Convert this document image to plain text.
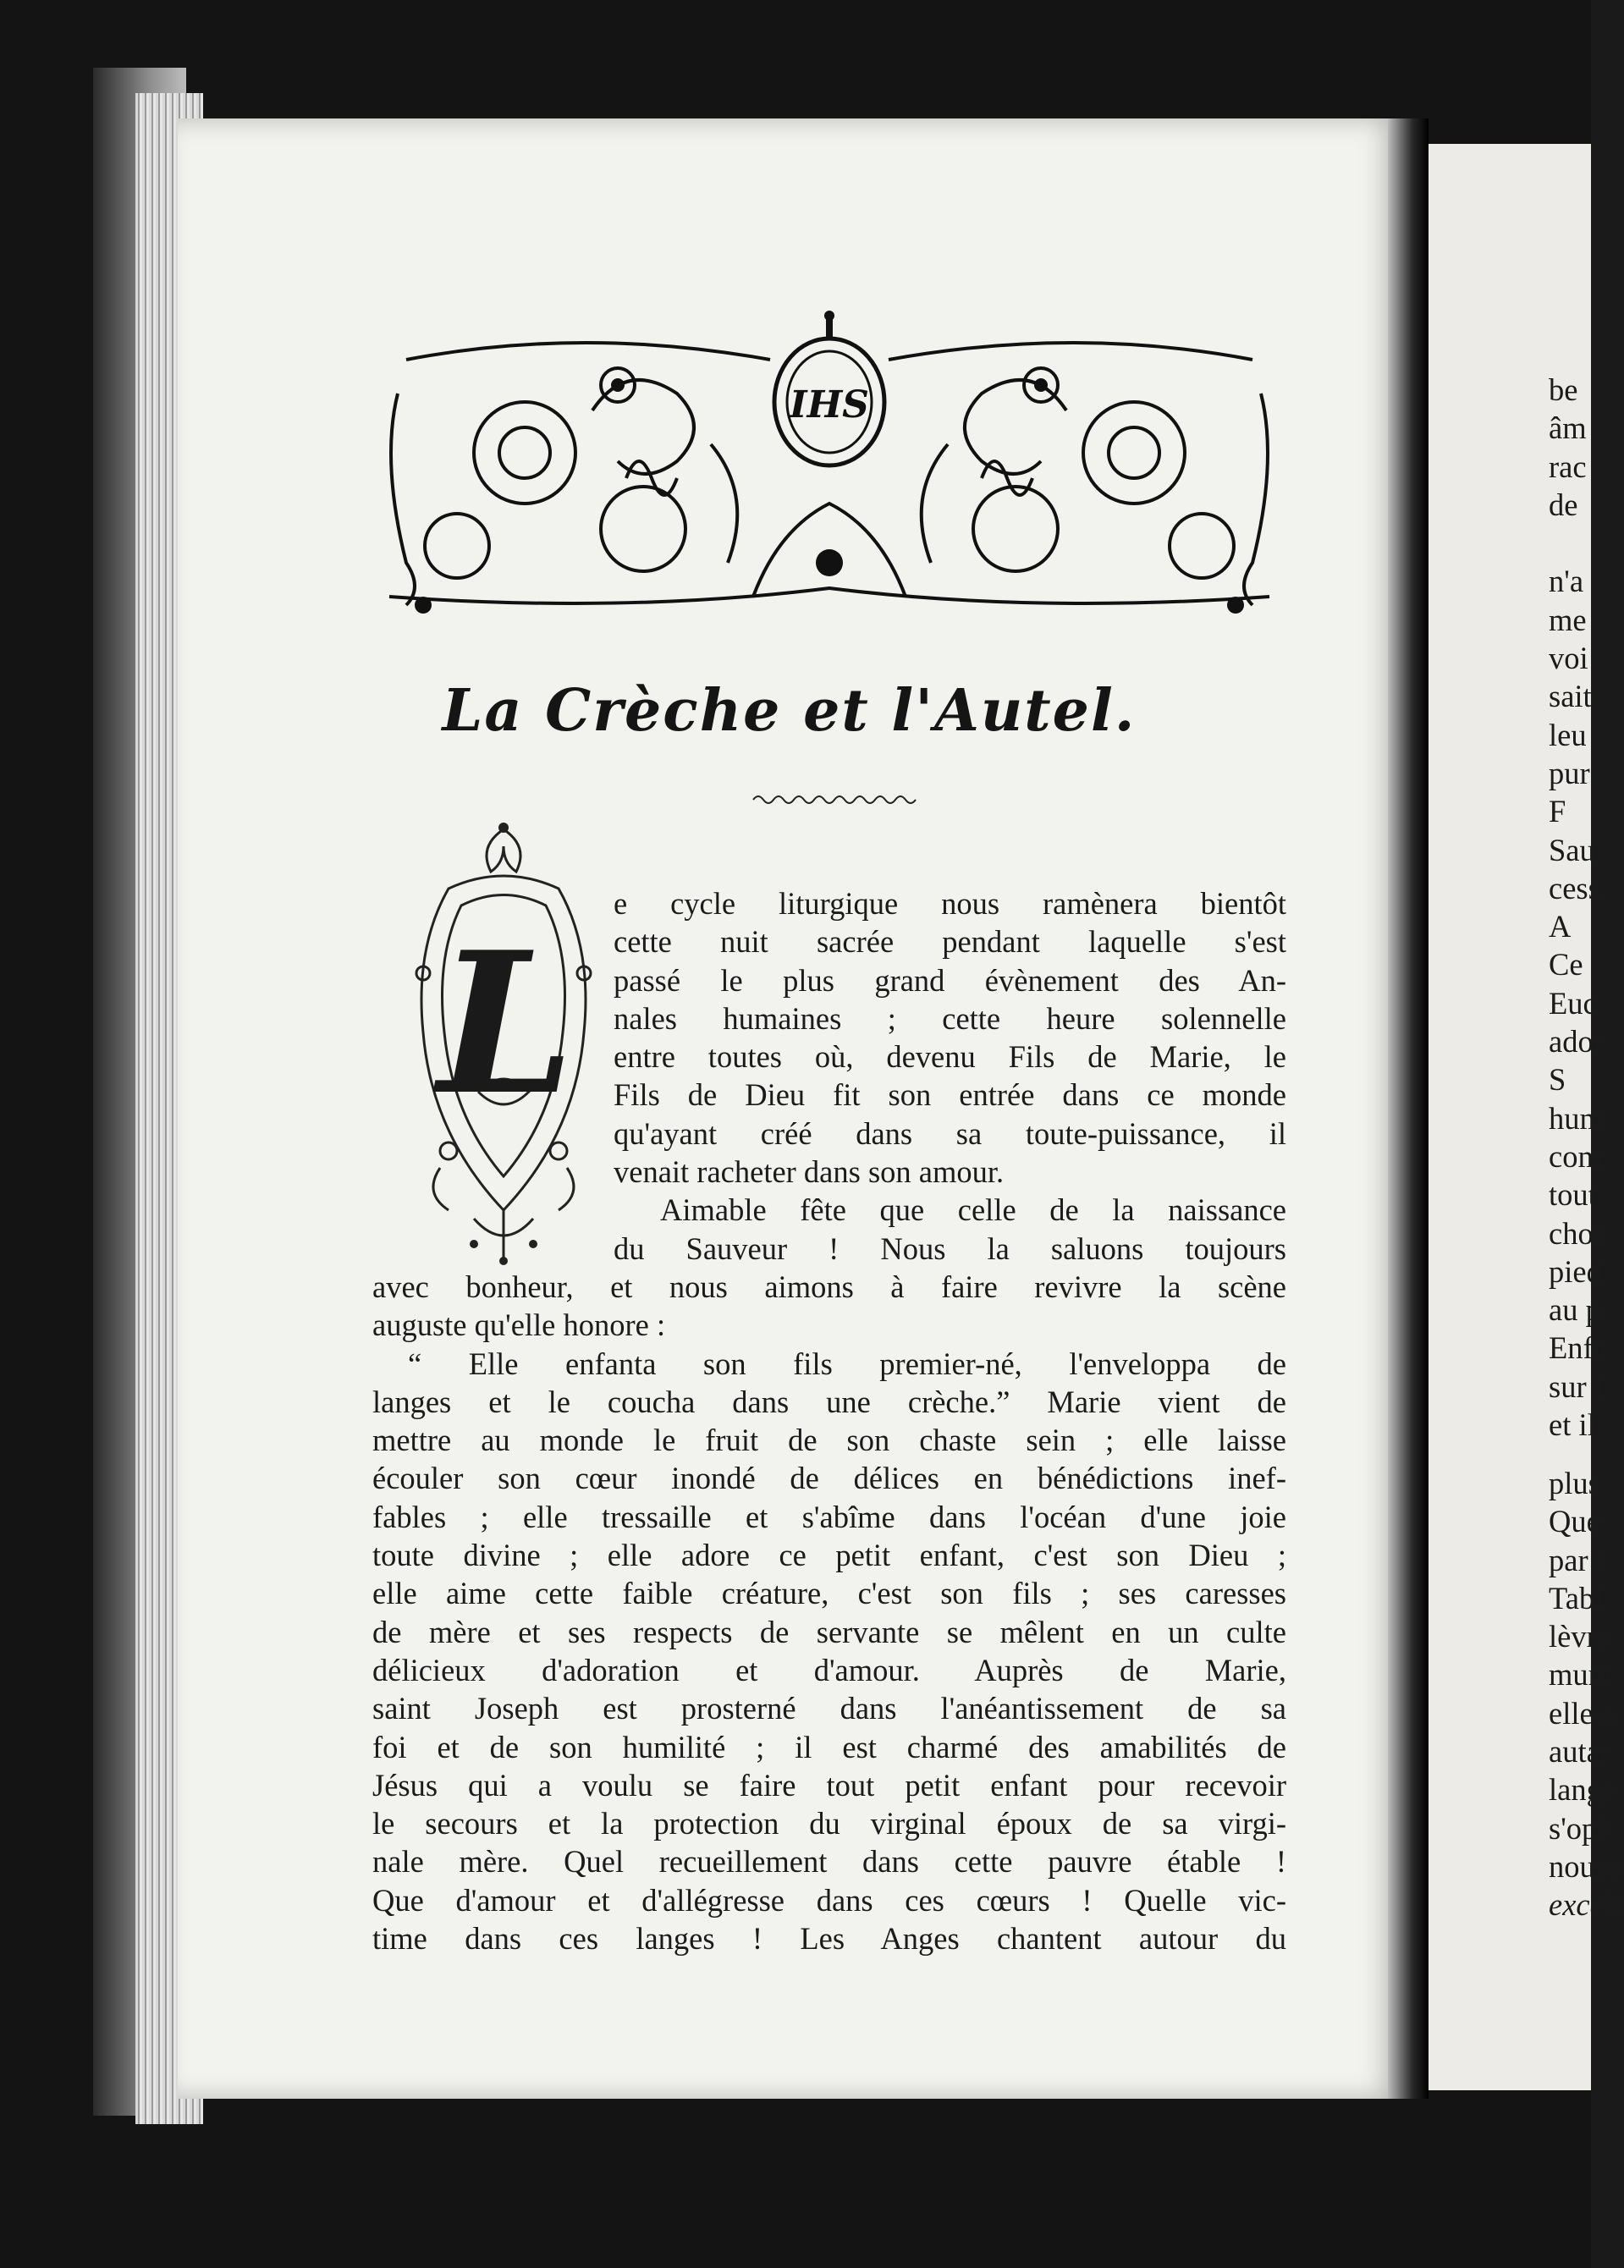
IHS
La Crèche et l'Autel.
L
e cycle liturgique nous ramènera bientôt
cette nuit sacrée pendant laquelle s'est
passé le plus grand évènement des An-
nales humaines ; cette heure solennelle
entre toutes où, devenu Fils de Marie, le
Fils de Dieu fit son entrée dans ce monde
qu'ayant créé dans sa toute-puissance, il
venait racheter dans son amour.
Aimable fête que celle de la naissance
du Sauveur ! Nous la saluons toujours
avec bonheur, et nous aimons à faire revivre la scène
auguste qu'elle honore :
“ Elle enfanta son fils premier-né, l'enveloppa de
langes et le coucha dans une crèche.” Marie vient de
mettre au monde le fruit de son chaste sein ; elle laisse
écouler son cœur inondé de délices en bénédictions inef-
fables ; elle tressaille et s'abîme dans l'océan d'une joie
toute divine ; elle adore ce petit enfant, c'est son Dieu ;
elle aime cette faible créature, c'est son fils ; ses caresses
de mère et ses respects de servante se mêlent en un culte
délicieux d'adoration et d'amour. Auprès de Marie,
saint Joseph est prosterné dans l'anéantissement de sa
foi et de son humilité ; il est charmé des amabilités de
Jésus qui a voulu se faire tout petit enfant pour recevoir
le secours et la protection du virginal époux de sa virgi-
nale mère. Quel recueillement dans cette pauvre étable !
Que d'amour et d'allégresse dans ces cœurs ! Quelle vic-
time dans ces langes ! Les Anges chantent autour du
be
âm
rac
de
n'a
me
voi
sait
leu
pur
F
Sau
cess
A
Ce
Euc
ador
S
hum
com
tout
chos
pied
au p
Enfa
sur l
et il
plus
Que
par l
Tabl
lèvre
muni
elle a
autar
lange
s'opè
nouve
excels
